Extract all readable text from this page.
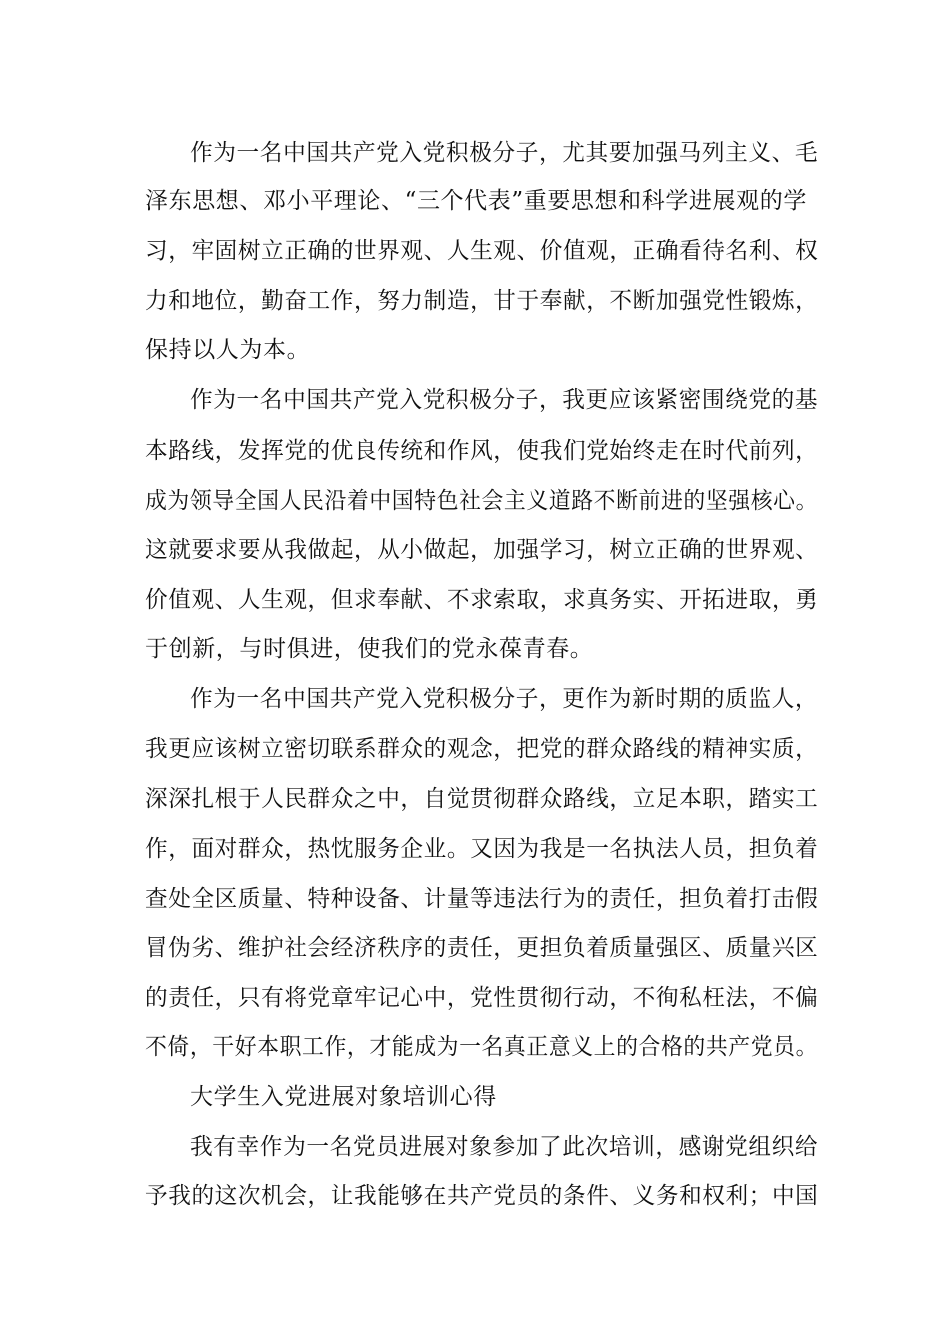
作为一名中国共产党入党积极分子，尤其要加强马列主义、毛
泽东思想、邓小平理论、“三个代表”重要思想和科学进展观的学
习，牢固树立正确的世界观、人生观、价值观，正确看待名利、权
力和地位，勤奋工作，努力制造，甘于奉献，不断加强党性锻炼，
保持以人为本。
作为一名中国共产党入党积极分子，我更应该紧密围绕党的基
本路线，发挥党的优良传统和作风，使我们党始终走在时代前列，
成为领导全国人民沿着中国特色社会主义道路不断前进的坚强核心。
这就要求要从我做起，从小做起，加强学习，树立正确的世界观、
价值观、人生观，但求奉献、不求索取，求真务实、开拓进取，勇
于创新，与时俱进，使我们的党永葆青春。
作为一名中国共产党入党积极分子，更作为新时期的质监人，
我更应该树立密切联系群众的观念，把党的群众路线的精神实质，
深深扎根于人民群众之中，自觉贯彻群众路线，立足本职，踏实工
作，面对群众，热忱服务企业。又因为我是一名执法人员，担负着
查处全区质量、特种设备、计量等违法行为的责任，担负着打击假
冒伪劣、维护社会经济秩序的责任，更担负着质量强区、质量兴区
的责任，只有将党章牢记心中，党性贯彻行动，不徇私枉法，不偏
不倚，干好本职工作，才能成为一名真正意义上的合格的共产党员。
大学生入党进展对象培训心得
我有幸作为一名党员进展对象参加了此次培训，感谢党组织给
予我的这次机会，让我能够在共产党员的条件、义务和权利；中国
